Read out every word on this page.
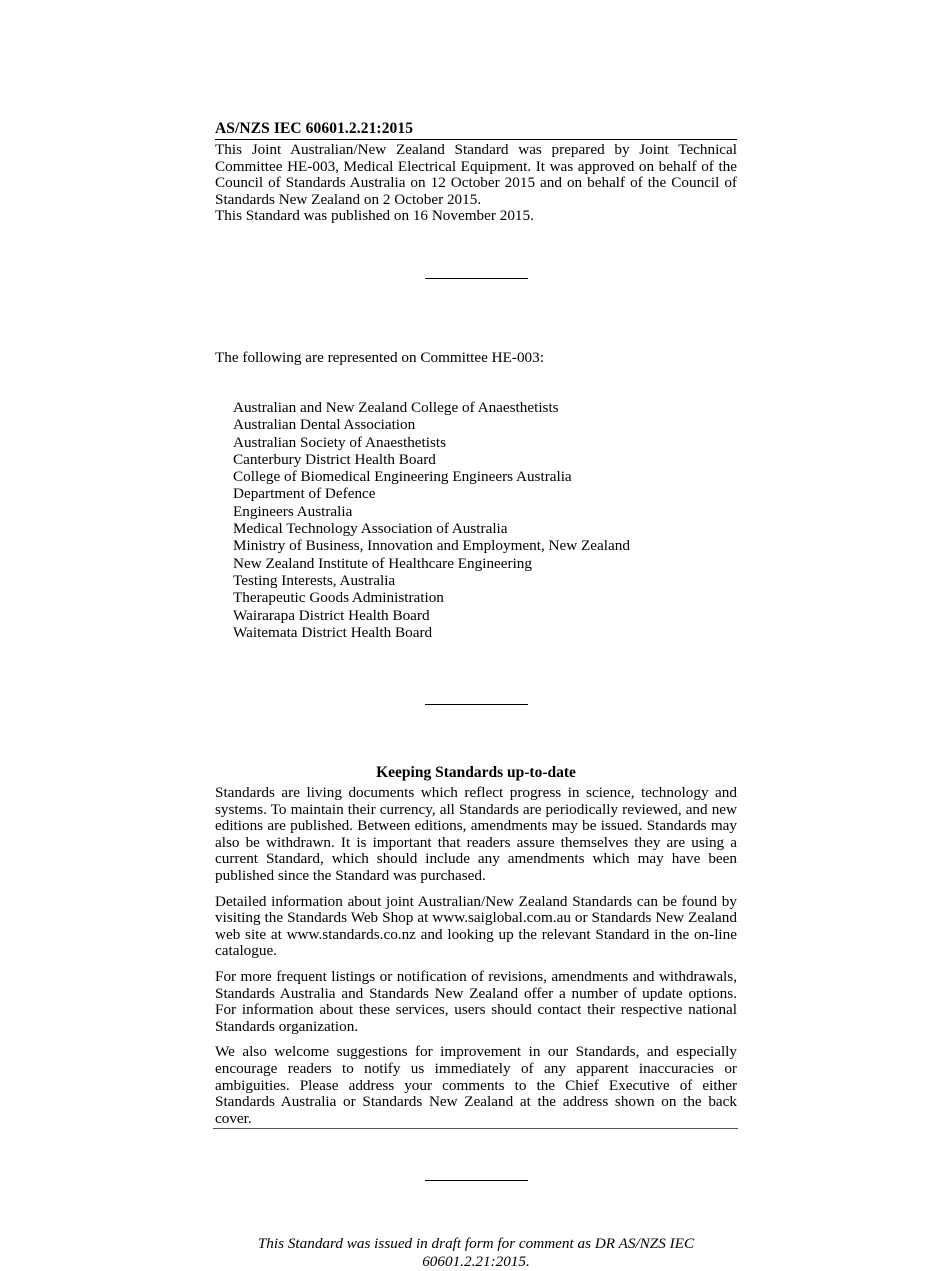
AS/NZS IEC 60601.2.21:2015

This Joint Australian/New Zealand Standard was prepared by Joint Technical Committee HE-003, Medical Electrical Equipment. It was approved on behalf of the Council of Standards Australia on 12 October 2015 and on behalf of the Council of Standards New Zealand on 2 October 2015.

This Standard was published on 16 November 2015.

The following are represented on Committee HE-003:

Australian and New Zealand College of Anaesthetists
Australian Dental Association
Australian Society of Anaesthetists
Canterbury District Health Board
College of Biomedical Engineering Engineers Australia
Department of Defence
Engineers Australia
Medical Technology Association of Australia
Ministry of Business, Innovation and Employment, New Zealand
New Zealand Institute of Healthcare Engineering
Testing Interests, Australia
Therapeutic Goods Administration
Wairarapa District Health Board
Waitemata District Health Board
Keeping Standards up-to-date

Standards are living documents which reflect progress in science, technology and systems. To maintain their currency, all Standards are periodically reviewed, and new editions are published. Between editions, amendments may be issued. Standards may also be withdrawn. It is important that readers assure themselves they are using a current Standard, which should include any amendments which may have been published since the Standard was purchased.

Detailed information about joint Australian/New Zealand Standards can be found by visiting the Standards Web Shop at www.saiglobal.com.au or Standards New Zealand web site at www.standards.co.nz and looking up the relevant Standard in the on-line catalogue.

For more frequent listings or notification of revisions, amendments and withdrawals, Standards Australia and Standards New Zealand offer a number of update options. For information about these services, users should contact their respective national Standards organization.

We also welcome suggestions for improvement in our Standards, and especially encourage readers to notify us immediately of any apparent inaccuracies or ambiguities. Please address your comments to the Chief Executive of either Standards Australia or Standards New Zealand at the address shown on the back cover.

This Standard was issued in draft form for comment as DR AS/NZS IEC 60601.2.21:2015.
